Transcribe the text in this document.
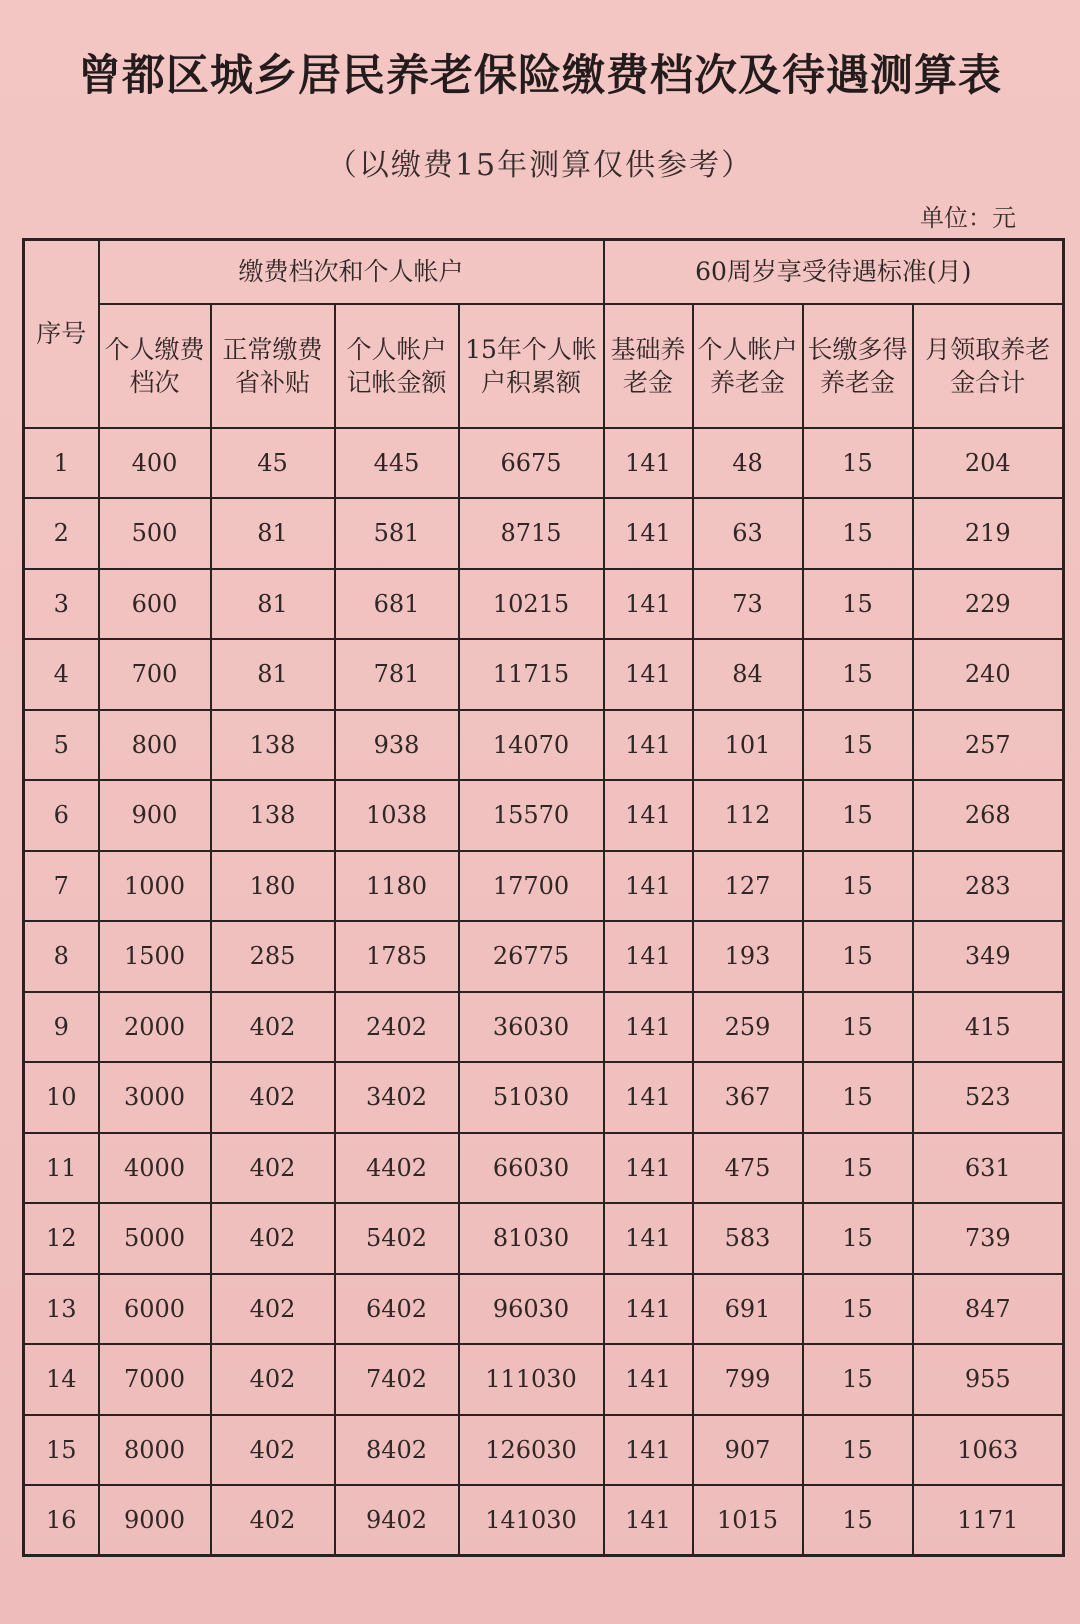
曾都区城乡居民养老保险缴费档次及待遇测算表
（以缴费15年测算仅供参考）
单位：元
序号	缴费档次和个人帐户				60周岁享受待遇标准(月)			
	个人缴费档次	正常缴费省补贴	个人帐户记帐金额	15年个人帐户积累额	基础养老金	个人帐户养老金	长缴多得养老金	月领取养老金合计
1	400	45	445	6675	141	48	15	204
2	500	81	581	8715	141	63	15	219
3	600	81	681	10215	141	73	15	229
4	700	81	781	11715	141	84	15	240
5	800	138	938	14070	141	101	15	257
6	900	138	1038	15570	141	112	15	268
7	1000	180	1180	17700	141	127	15	283
8	1500	285	1785	26775	141	193	15	349
9	2000	402	2402	36030	141	259	15	415
10	3000	402	3402	51030	141	367	15	523
11	4000	402	4402	66030	141	475	15	631
12	5000	402	5402	81030	141	583	15	739
13	6000	402	6402	96030	141	691	15	847
14	7000	402	7402	111030	141	799	15	955
15	8000	402	8402	126030	141	907	15	1063
16	9000	402	9402	141030	141	1015	15	1171
